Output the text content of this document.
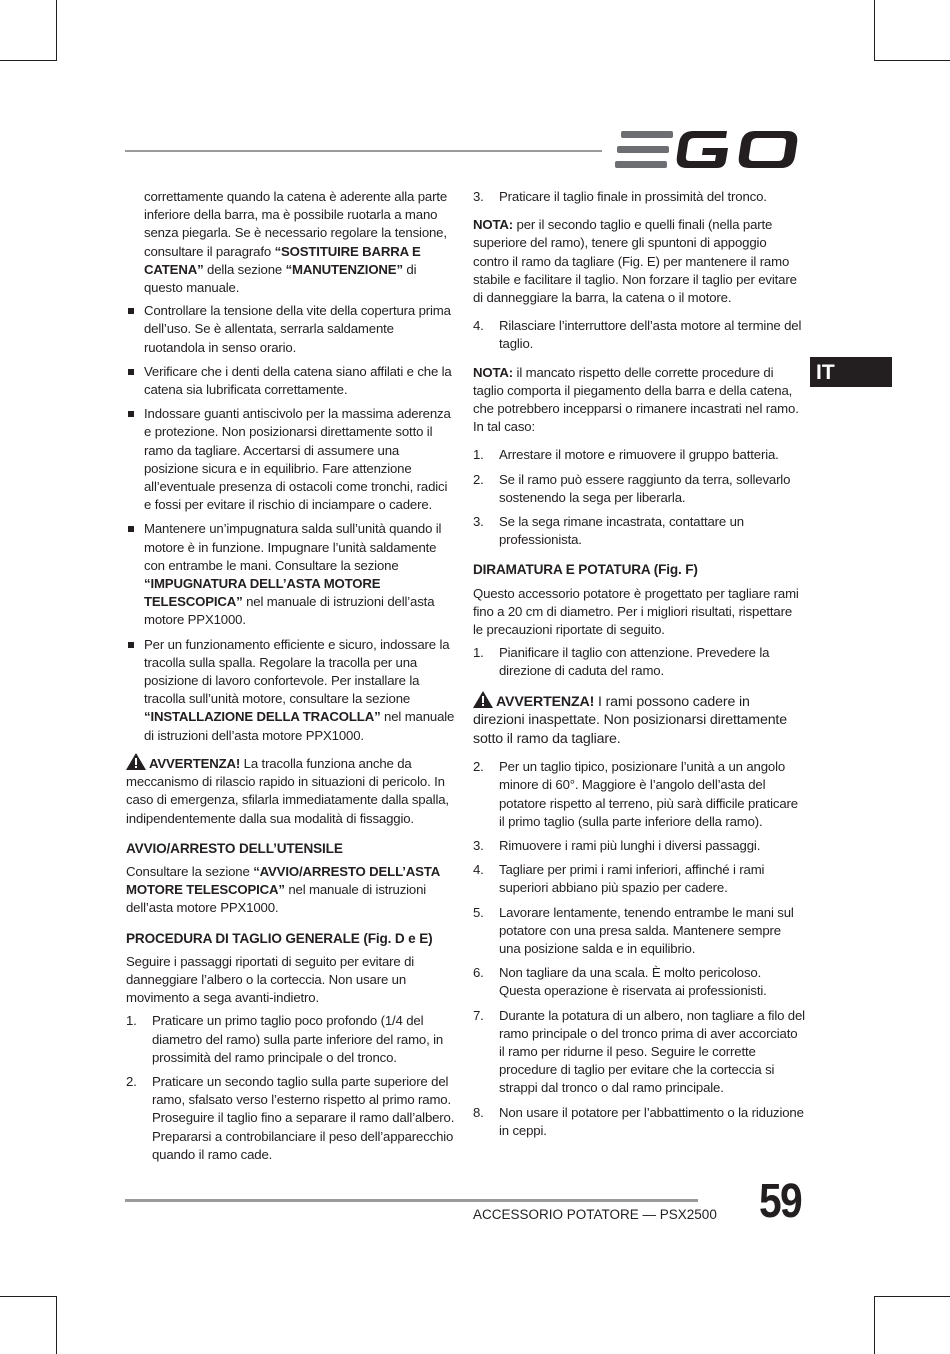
IT

correttamente quando la catena è aderente alla parte inferiore della barra, ma è possibile ruotarla a mano senza piegarla. Se è necessario regolare la tensione, consultare il paragrafo “SOSTITUIRE BARRA E CATENA” della sezione “MANUTENZIONE” di questo manuale.

Controllare la tensione della vite della copertura prima dell’uso. Se è allentata, serrarla saldamente ruotandola in senso orario.

Verificare che i denti della catena siano affilati e che la catena sia lubrificata correttamente.

Indossare guanti antiscivolo per la massima aderenza e protezione. Non posizionarsi direttamente sotto il ramo da tagliare. Accertarsi di assumere una posizione sicura e in equilibrio. Fare attenzione all’eventuale presenza di ostacoli come tronchi, radici e fossi per evitare il rischio di inciampare o cadere.

Mantenere un’impugnatura salda sull’unità quando il motore è in funzione. Impugnare l’unità saldamente con entrambe le mani. Consultare la sezione “IMPUGNATURA DELL’ASTA MOTORE TELESCOPICA” nel manuale di istruzioni dell’asta motore PPX1000.

Per un funzionamento efficiente e sicuro, indossare la tracolla sulla spalla. Regolare la tracolla per una posizione di lavoro confortevole. Per installare la tracolla sull’unità motore, consultare la sezione “INSTALLAZIONE DELLA TRACOLLA” nel manuale di istruzioni dell’asta motore PPX1000.

AVVERTENZA! La tracolla funziona anche da meccanismo di rilascio rapido in situazioni di pericolo. In caso di emergenza, sfilarla immediatamente dalla spalla, indipendentemente dalla sua modalità di fissaggio.

AVVIO/ARRESTO DELL’UTENSILE

Consultare la sezione “AVVIO/ARRESTO DELL’ASTA MOTORE TELESCOPICA” nel manuale di istruzioni dell’asta motore PPX1000.

PROCEDURA DI TAGLIO GENERALE (Fig. D e E)

Seguire i passaggi riportati di seguito per evitare di danneggiare l’albero o la corteccia. Non usare un movimento a sega avanti-indietro.

1. Praticare un primo taglio poco profondo (1/4 del diametro del ramo) sulla parte inferiore del ramo, in prossimità del ramo principale o del tronco.

2. Praticare un secondo taglio sulla parte superiore del ramo, sfalsato verso l’esterno rispetto al primo ramo. Proseguire il taglio fino a separare il ramo dall’albero. Prepararsi a controbilanciare il peso dell’apparecchio quando il ramo cade.

3. Praticare il taglio finale in prossimità del tronco.

NOTA: per il secondo taglio e quelli finali (nella parte superiore del ramo), tenere gli spuntoni di appoggio contro il ramo da tagliare (Fig. E) per mantenere il ramo stabile e facilitare il taglio. Non forzare il taglio per evitare di danneggiare la barra, la catena o il motore.

4. Rilasciare l’interruttore dell’asta motore al termine del taglio.

NOTA: il mancato rispetto delle corrette procedure di taglio comporta il piegamento della barra e della catena, che potrebbero incepparsi o rimanere incastrati nel ramo. In tal caso:

1. Arrestare il motore e rimuovere il gruppo batteria.

2. Se il ramo può essere raggiunto da terra, sollevarlo sostenendo la sega per liberarla.

3. Se la sega rimane incastrata, contattare un professionista.

DIRAMATURA E POTATURA (Fig. F)

Questo accessorio potatore è progettato per tagliare rami fino a 20 cm di diametro. Per i migliori risultati, rispettare le precauzioni riportate di seguito.

1. Pianificare il taglio con attenzione. Prevedere la direzione di caduta del ramo.

AVVERTENZA! I rami possono cadere in direzioni inaspettate. Non posizionarsi direttamente sotto il ramo da tagliare.

2. Per un taglio tipico, posizionare l’unità a un angolo minore di 60°. Maggiore è l’angolo dell’asta del potatore rispetto al terreno, più sarà difficile praticare il primo taglio (sulla parte inferiore della ramo).

3. Rimuovere i rami più lunghi i diversi passaggi.

4. Tagliare per primi i rami inferiori, affinché i rami superiori abbiano più spazio per cadere.

5. Lavorare lentamente, tenendo entrambe le mani sul potatore con una presa salda. Mantenere sempre una posizione salda e in equilibrio.

6. Non tagliare da una scala. È molto pericoloso. Questa operazione è riservata ai professionisti.

7. Durante la potatura di un albero, non tagliare a filo del ramo principale o del tronco prima di aver accorciato il ramo per ridurne il peso. Seguire le corrette procedure di taglio per evitare che la corteccia si strappi dal tronco o dal ramo principale.

8. Non usare il potatore per l’abbattimento o la riduzione in ceppi.

ACCESSORIO POTATORE — PSX2500 59
